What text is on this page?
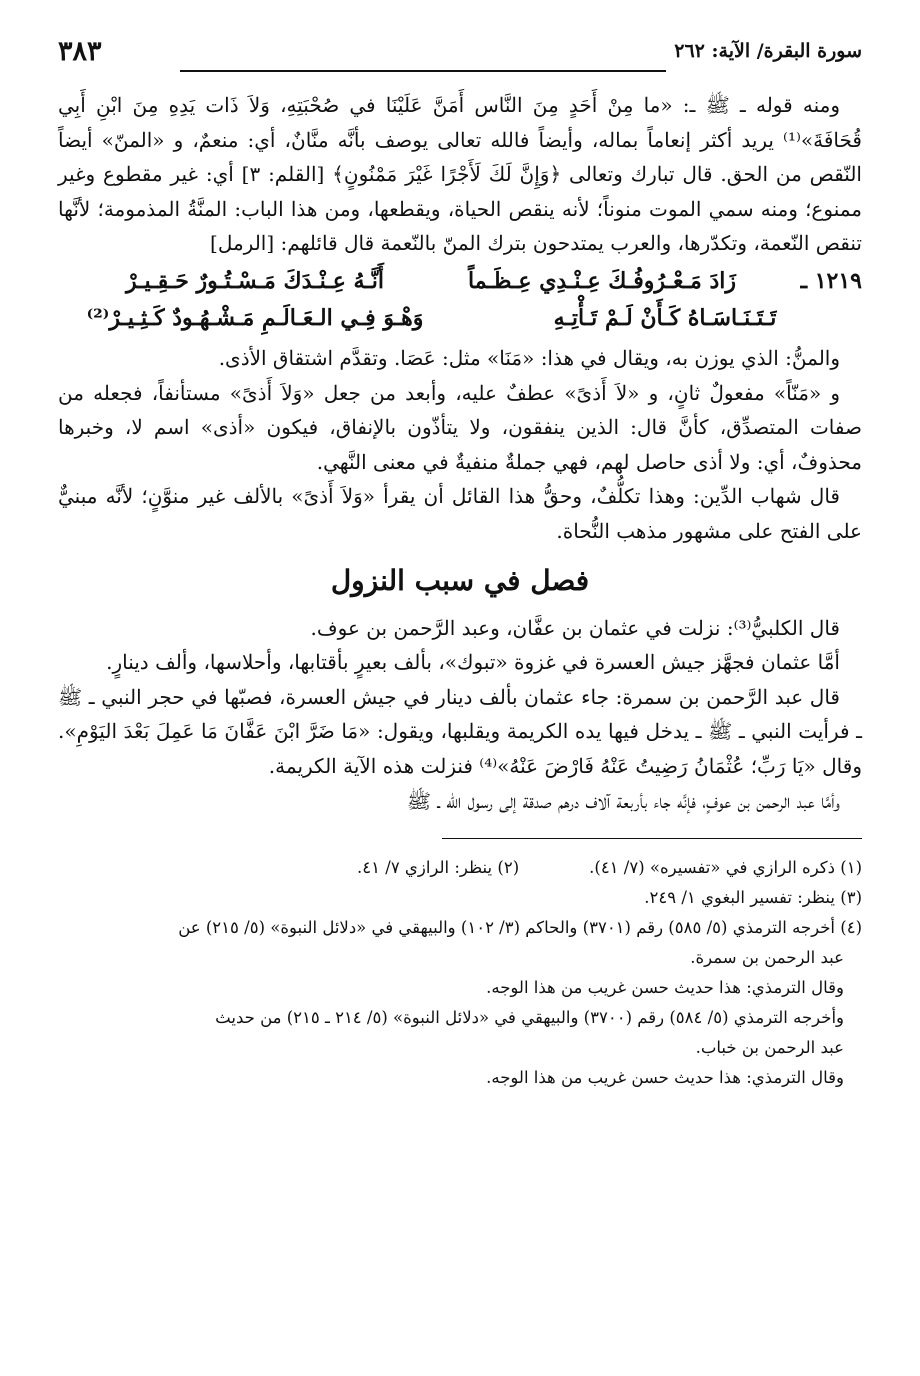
سورة البقرة/ الآية: ٢٦٢
٣٨٣

ومنه قوله ـ ﷺ ـ: «ما مِنْ أَحَدٍ مِنَ النَّاس أَمَنَّ عَلَيْنَا في صُحْبَتِهِ، وَلاَ ذَات يَدِهِ مِنَ ابْنِ أَبِي قُحَافَةَ»⁽¹⁾ يريد أكثر إنعاماً بماله، وأيضاً فالله تعالى يوصف بأنَّه منَّانٌ، أي: منعمٌ، و «المنّ» أيضاً النّقص من الحق. قال تبارك وتعالى ﴿وَإِنَّ لَكَ لَأَجْرًا غَيْرَ مَمْنُونٍ﴾ [القلم: ٣] أي: غير مقطوع وغير ممنوع؛ ومنه سمي الموت منوناً؛ لأنه ينقص الحياة، ويقطعها، ومن هذا الباب: المنَّةُ المذمومة؛ لأنَّها تنقص النّعمة، وتكدّرها، والعرب يمتدحون بترك المنّ بالنّعمة قال قائلهم: [الرمل]

١٢١٩ ـ
زَادَ مَـعْـرُوفُـكَ عِـنْـدِي عِـظَـماً
أَنَّـهُ عِـنْـدَكَ مَـسْـتُـورٌ حَـقِـيـرْ
تَـتَـنَـاسَـاهُ كَـأَنْ لَـمْ تَـأْتِـهِ
وَهْـوَ فِـي الـعَـالَـمِ مَـشْـهُـودٌ كَـثِـيـرْ⁽²⁾

والمنُّ: الذي يوزن به، ويقال في هذا: «مَنَا» مثل: عَصَا. وتقدَّم اشتقاق الأذى.

و «مَنّاً» مفعولٌ ثانٍ، و «لاَ أَذىً» عطفٌ عليه، وأبعد من جعل «وَلاَ أَذىً» مستأنفاً، فجعله من صفات المتصدِّق، كأنَّ قال: الذين ينفقون، ولا يتأذّون بالإنفاق، فيكون «أذى» اسم لا، وخبرها محذوفٌ، أي: ولا أذى حاصل لهم، فهي جملةٌ منفيةٌ في معنى النَّهي.

قال شهاب الدِّين: وهذا تكلُّفٌ، وحقُّ هذا القائل أن يقرأ «وَلاَ أَذىً» بالألف غير منوَّنٍ؛ لأنَّه مبنيٌّ على الفتح على مشهور مذهب النُّحاة.

فصل في سبب النزول

قال الكلبيُّ⁽³⁾: نزلت في عثمان بن عفَّان، وعبد الرَّحمن بن عوف.

أمَّا عثمان فجهَّز جيش العسرة في غزوة «تبوك»، بألف بعيرٍ بأقتابها، وأحلاسها، وألف دينارٍ.

قال عبد الرَّحمن بن سمرة: جاء عثمان بألف دينار في جيش العسرة، فصبّها في حجر النبي ـ ﷺ ـ فرأيت النبي ـ ﷺ ـ يدخل فيها يده الكريمة ويقلبها، ويقول: «مَا ضَرَّ ابْنَ عَفَّانَ مَا عَمِلَ بَعْدَ اليَوْمِ». وقال «يَا رَبِّ؛ عُثْمَانُ رَضِيتُ عَنْهُ فَارْضَ عَنْهُ»⁽⁴⁾ فنزلت هذه الآية الكريمة.

وأمَّا عبد الرحمن بن عوفٍ، فإنَّه جاء بأربعة آلاف درهم صدقة إلى رسول الله ـ ﷺ

(١) ذكره الرازي في «تفسيره» (٧/ ٤١).
(٢) ينظر: الرازي ٧/ ٤١.

(٣) ينظر: تفسير البغوي ١/ ٢٤٩.

(٤) أخرجه الترمذي (٥/ ٥٨٥) رقم (٣٧٠١) والحاكم (٣/ ١٠٢) والبيهقي في «دلائل النبوة» (٥/ ٢١٥) عن

عبد الرحمن بن سمرة.

وقال الترمذي: هذا حديث حسن غريب من هذا الوجه.

وأخرجه الترمذي (٥/ ٥٨٤) رقم (٣٧٠٠) والبيهقي في «دلائل النبوة» (٥/ ٢١٤ ـ ٢١٥) من حديث

عبد الرحمن بن خباب.

وقال الترمذي: هذا حديث حسن غريب من هذا الوجه.
